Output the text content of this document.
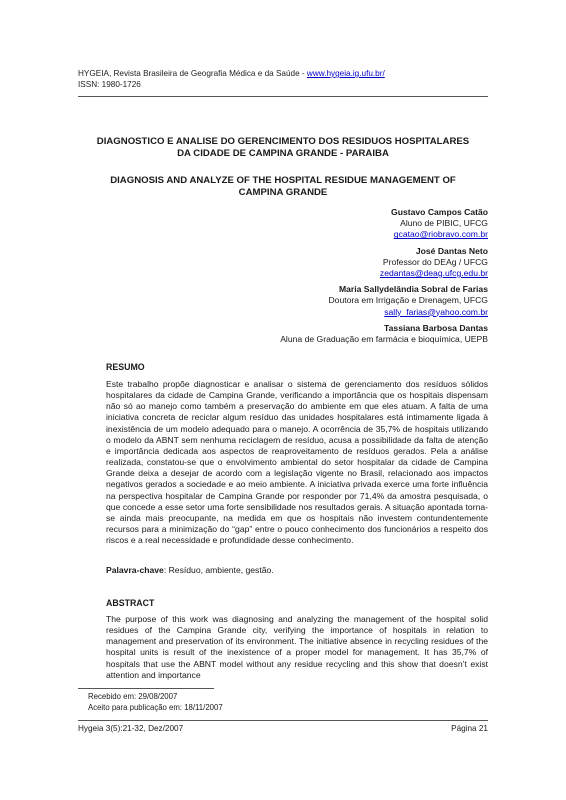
HYGEIA, Revista Brasileira de Geografia Médica e da Saúde - www.hygeia.ig.ufu.br/
ISSN: 1980-1726
DIAGNOSTICO E ANALISE DO GERENCIMENTO DOS RESIDUOS HOSPITALARES
DA CIDADE DE CAMPINA GRANDE - PARAIBA
DIAGNOSIS AND ANALYZE OF THE HOSPITAL RESIDUE MANAGEMENT OF
CAMPINA GRANDE
Gustavo Campos Catão
Aluno de PIBIC, UFCG
gcatao@riobravo.com.br
José Dantas Neto
Professor do DEAg / UFCG
zedantas@deag.ufcg.edu.br
Maria Sallydelândia Sobral de Farias
Doutora em Irrigação e Drenagem, UFCG
sally_farias@yahoo.com.br
Tassiana Barbosa Dantas
Aluna de Graduação em farmácia e bioquímica, UEPB
RESUMO
Este trabalho propõe diagnosticar e analisar o sistema de gerenciamento dos resíduos sólidos hospitalares da cidade de Campina Grande, verificando a importância que os hospitais dispensam não só ao manejo como também a preservação do ambiente em que eles atuam. A falta de uma iniciativa concreta de reciclar algum resíduo das unidades hospitalares está intimamente ligada à inexistência de um modelo adequado para o manejo. A ocorrência de 35,7% de hospitais utilizando o modelo da ABNT sem nenhuma reciclagem de resíduo, acusa a possibilidade da falta de atenção e importância dedicada aos aspectos de reaproveitamento de resíduos gerados. Pela a análise realizada, constatou-se que o envolvimento ambiental do setor hospitalar da cidade de Campina Grande deixa a desejar de acordo com a legislação vigente no Brasil, relacionado aos impactos negativos gerados a sociedade e ao meio ambiente. A iniciativa privada exerce uma forte influência na perspectiva hospitalar de Campina Grande por responder por 71,4% da amostra pesquisada, o que concede a esse setor uma forte sensibilidade nos resultados gerais. A situação apontada torna-se ainda mais preocupante, na medida em que os hospitais não investem contundentemente recursos para a minimização do “gap” entre o pouco conhecimento dos funcionários a respeito dos riscos e a real necessidade e profundidade desse conhecimento.
Palavra-chave: Resíduo, ambiente, gestão.
ABSTRACT
The purpose of this work was diagnosing and analyzing the management of the hospital solid residues of the Campina Grande city, verifying the importance of hospitals in relation to management and preservation of its environment. The initiative absence in recycling residues of the hospital units is result of the inexistence of a proper model for management. It has 35,7% of hospitals that use the ABNT model without any residue recycling and this show that doesn’t exist attention and importance
Recebido em: 29/08/2007
Aceito para publicação em: 18/11/2007
Hygeia 3(5):21-32, Dez/2007	Página 21
